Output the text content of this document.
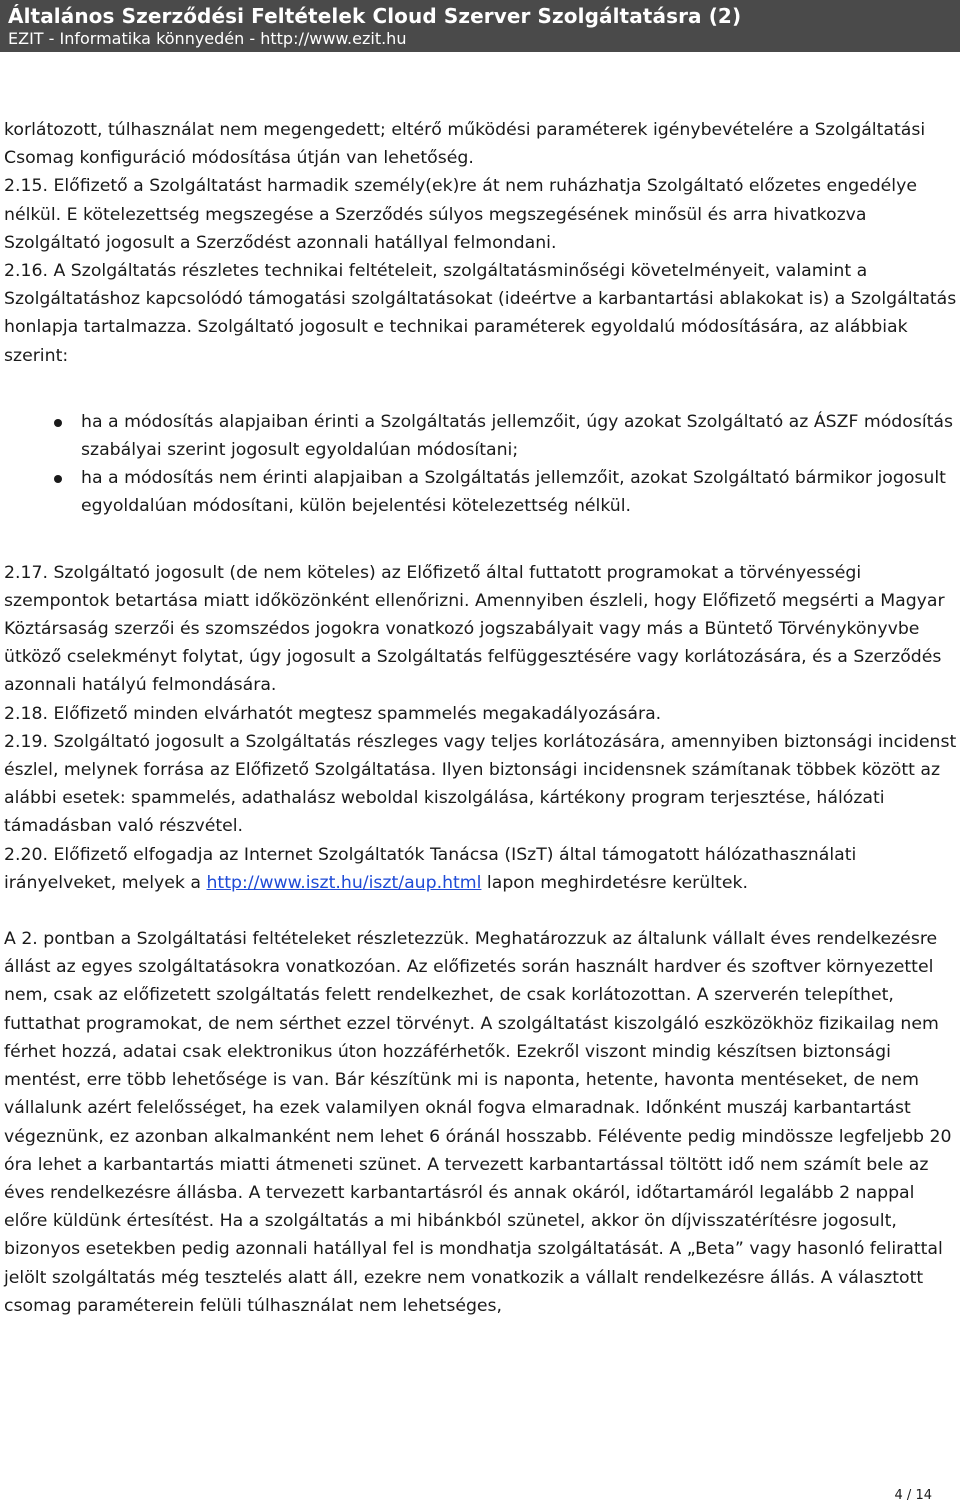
Általános Szerződési Feltételek Cloud Szerver Szolgáltatásra (2)
EZIT - Informatika könnyedén - http://www.ezit.hu

korlátozott, túlhasználat nem megengedett; eltérő működési paraméterek igénybevételére a Szolgáltatási Csomag konfiguráció módosítása útján van lehetőség.

2.15. Előfizető a Szolgáltatást harmadik személy(ek)re át nem ruházhatja Szolgáltató előzetes engedélye nélkül. E kötelezettség megszegése a Szerződés súlyos megszegésének minősül és arra hivatkozva Szolgáltató jogosult a Szerződést azonnali hatállyal felmondani.

2.16. A Szolgáltatás részletes technikai feltételeit, szolgáltatásminőségi követelményeit, valamint a Szolgáltatáshoz kapcsolódó támogatási szolgáltatásokat (ideértve a karbantartási ablakokat is) a Szolgáltatás honlapja tartalmazza. Szolgáltató jogosult e technikai paraméterek egyoldalú módosítására, az alábbiak szerint:

ha a módosítás alapjaiban érinti a Szolgáltatás jellemzőit, úgy azokat Szolgáltató az ÁSZF módosítás szabályai szerint jogosult egyoldalúan módosítani;
ha a módosítás nem érinti alapjaiban a Szolgáltatás jellemzőit, azokat Szolgáltató bármikor jogosult egyoldalúan módosítani, külön bejelentési kötelezettség nélkül.

2.17. Szolgáltató jogosult (de nem köteles) az Előfizető által futtatott programokat a törvényességi szempontok betartása miatt időközönként ellenőrizni. Amennyiben észleli, hogy Előfizető megsérti a Magyar Köztársaság szerzői és szomszédos jogokra vonatkozó jogszabályait vagy más a Büntető Törvénykönyvbe ütköző cselekményt folytat, úgy jogosult a Szolgáltatás felfüggesztésére vagy korlátozására, és a Szerződés azonnali hatályú felmondására.

2.18. Előfizető minden elvárhatót megtesz spammelés megakadályozására.

2.19. Szolgáltató jogosult a Szolgáltatás részleges vagy teljes korlátozására, amennyiben biztonsági incidenst észlel, melynek forrása az Előfizető Szolgáltatása. Ilyen biztonsági incidensnek számítanak többek között az alábbi esetek: spammelés, adathalász weboldal kiszolgálása, kártékony program terjesztése, hálózati támadásban való részvétel.

2.20. Előfizető elfogadja az Internet Szolgáltatók Tanácsa (ISzT) által támogatott hálózathasználati irányelveket, melyek a http://www.iszt.hu/iszt/aup.html lapon meghirdetésre kerültek.

A 2. pontban a Szolgáltatási feltételeket részletezzük. Meghatározzuk az általunk vállalt éves rendelkezésre állást az egyes szolgáltatásokra vonatkozóan. Az előfizetés során használt hardver és szoftver környezettel nem, csak az előfizetett szolgáltatás felett rendelkezhet, de csak korlátozottan. A szerverén telepíthet, futtathat programokat, de nem sérthet ezzel törvényt. A szolgáltatást kiszolgáló eszközökhöz fizikailag nem férhet hozzá, adatai csak elektronikus úton hozzáférhetők. Ezekről viszont mindig készítsen biztonsági mentést, erre több lehetősége is van. Bár készítünk mi is naponta, hetente, havonta mentéseket, de nem vállalunk azért felelősséget, ha ezek valamilyen oknál fogva elmaradnak. Időnként muszáj karbantartást végeznünk, ez azonban alkalmanként nem lehet 6 óránál hosszabb. Félévente pedig mindössze legfeljebb 20 óra lehet a karbantartás miatti átmeneti szünet. A tervezett karbantartással töltött idő nem számít bele az éves rendelkezésre állásba. A tervezett karbantartásról és annak okáról, időtartamáról legalább 2 nappal előre küldünk értesítést. Ha a szolgáltatás a mi hibánkból szünetel, akkor ön díjvisszatérítésre jogosult, bizonyos esetekben pedig azonnali hatállyal fel is mondhatja szolgáltatását. A „Beta” vagy hasonló felirattal jelölt szolgáltatás még tesztelés alatt áll, ezekre nem vonatkozik a vállalt rendelkezésre állás. A választott csomag paraméterein felüli túlhasználat nem lehetséges,

4 / 14
